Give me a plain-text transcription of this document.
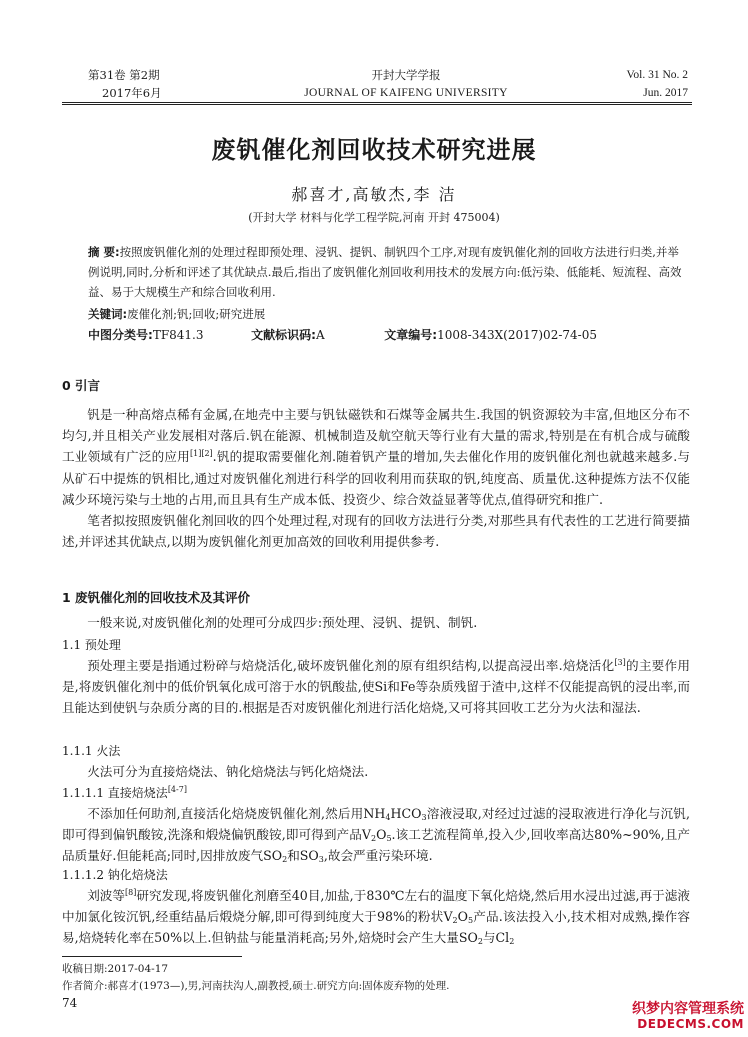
第31卷 第2期
2017年6月
开封大学学报
JOURNAL OF KAIFENG UNIVERSITY
Vol. 31 No. 2
Jun. 2017
废钒催化剂回收技术研究进展
郝喜才,高敏杰,李 洁
(开封大学 材料与化学工程学院,河南 开封 475004)
摘 要:按照废钒催化剂的处理过程即预处理、浸钒、提钒、制钒四个工序,对现有废钒催化剂的回收方法进行归类,并举例说明,同时,分析和评述了其优缺点.最后,指出了废钒催化剂回收利用技术的发展方向:低污染、低能耗、短流程、高效益、易于大规模生产和综合回收利用.
关键词:废催化剂;钒;回收;研究进展
中图分类号:TF841.3	文献标识码:A	文章编号:1008-343X(2017)02-74-05
0 引言

钒是一种高熔点稀有金属,在地壳中主要与钒钛磁铁和石煤等金属共生.我国的钒资源较为丰富,但地区分布不均匀,并且相关产业发展相对落后.钒在能源、机械制造及航空航天等行业有大量的需求,特别是在有机合成与硫酸工业领域有广泛的应用[1][2].钒的提取需要催化剂.随着钒产量的增加,失去催化作用的废钒催化剂也就越来越多.与从矿石中提炼的钒相比,通过对废钒催化剂进行科学的回收利用而获取的钒,纯度高、质量优.这种提炼方法不仅能减少环境污染与土地的占用,而且具有生产成本低、投资少、综合效益显著等优点,值得研究和推广.

笔者拟按照废钒催化剂回收的四个处理过程,对现有的回收方法进行分类,对那些具有代表性的工艺进行简要描述,并评述其优缺点,以期为废钒催化剂更加高效的回收利用提供参考.

1 废钒催化剂的回收技术及其评价

一般来说,对废钒催化剂的处理可分成四步:预处理、浸钒、提钒、制钒.

1.1 预处理

预处理主要是指通过粉碎与焙烧活化,破坏废钒催化剂的原有组织结构,以提高浸出率.焙烧活化[3]的主要作用是,将废钒催化剂中的低价钒氧化成可溶于水的钒酸盐,使Si和Fe等杂质残留于渣中,这样不仅能提高钒的浸出率,而且能达到使钒与杂质分离的目的.根据是否对废钒催化剂进行活化焙烧,又可将其回收工艺分为火法和湿法.

1.1.1 火法

火法可分为直接焙烧法、钠化焙烧法与钙化焙烧法.

1.1.1.1 直接焙烧法[4-7]

不添加任何助剂,直接活化焙烧废钒催化剂,然后用$NH_4HCO_3$溶液浸取,对经过过滤的浸取液进行净化与沉钒,即可得到偏钒酸铵,洗涤和煅烧偏钒酸铵,即可得到产品$V_2O_5$.该工艺流程简单,投入少,回收率高达80%~90%,且产品质量好.但能耗高;同时,因排放废气$SO_2$和$SO_3$,故会严重污染环境.

1.1.1.2 钠化焙烧法

刘波等[8]研究发现,将废钒催化剂磨至40目,加盐,于830℃左右的温度下氧化焙烧,然后用水浸出过滤,再于滤液中加氯化铵沉钒,经重结晶后煅烧分解,即可得到纯度大于98%的粉状$V_2O_5$产品.该法投入小,技术相对成熟,操作容易,焙烧转化率在50%以上.但钠盐与能量消耗高;另外,焙烧时会产生大量$SO_2$与$Cl_2$

收稿日期:2017-04-17
作者简介:郝喜才(1973—),男,河南扶沟人,副教授,硕士.研究方向:固体废弃物的处理.
74	织梦内容管理系统
DEDECMS.COM
